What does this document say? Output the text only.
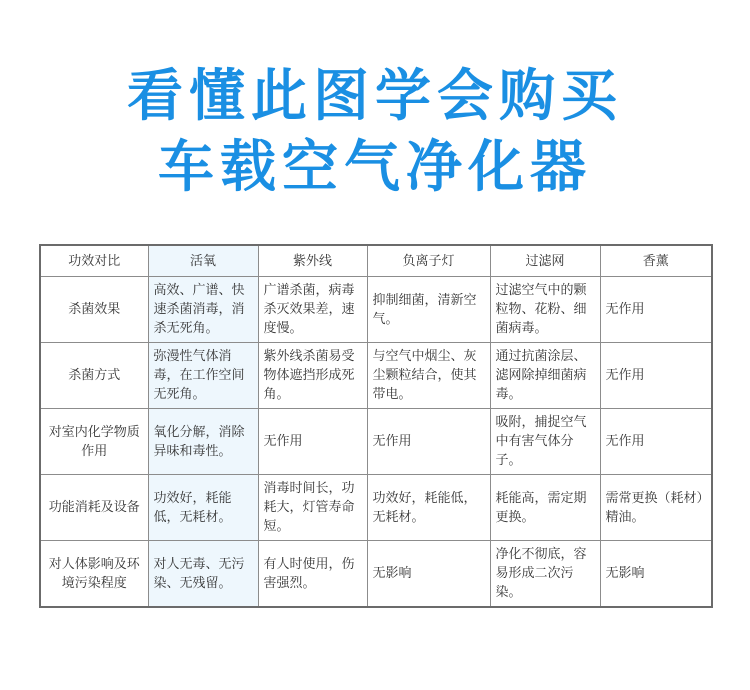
看懂此图学会购买
车载空气净化器
功效对比	活氧	紫外线	负离子灯	过滤网	香薰
杀菌效果	高效、广谱、快速杀菌消毒，消杀无死角。	广谱杀菌，病毒杀灭效果差，速度慢。	抑制细菌，清新空气。	过滤空气中的颗粒物、花粉、细菌病毒。	无作用
杀菌方式	弥漫性气体消毒，在工作空间无死角。	紫外线杀菌易受物体遮挡形成死角。	与空气中烟尘、灰尘颗粒结合，使其带电。	通过抗菌涂层、滤网除掉细菌病毒。	无作用
对室内化学物质作用	氧化分解，消除异味和毒性。	无作用	无作用	吸附，捕捉空气中有害气体分子。	无作用
功能消耗及设备	功效好，耗能低，无耗材。	消毒时间长，功耗大，灯管寿命短。	功效好，耗能低，无耗材。	耗能高，需定期更换。	需常更换（耗材）精油。
对人体影响及环境污染程度	对人无毒、无污染、无残留。	有人时使用，伤害强烈。	无影响	净化不彻底，容易形成二次污染。	无影响
